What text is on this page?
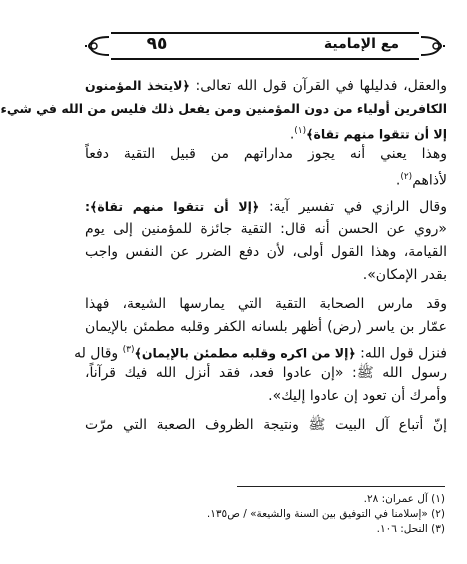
٩٥	مع الإمامية
والعقل، فدليلها في القرآن قول الله تعالى: ﴿لايتخذ المؤمنون
الكافرين أولياء من دون المؤمنين ومن يفعل ذلك فليس من الله في شيء
إلا أن تتقوا منهم تقاة﴾$^{(١)}$.
وهذا يعني أنه يجوز مداراتهم من قبيل التقية دفعاً
لأذاهم$^{(٢)}$.
وقال الرازي في تفسير آية: ﴿إلا أن تتقوا منهم تقاة﴾:
«روي عن الحسن أنه قال: التقية جائزة للمؤمنين إلى يوم
القيامة، وهذا القول أولى، لأن دفع الضرر عن النفس واجب
بقدر الإمكان».
وقد مارس الصحابة التقية التي يمارسها الشيعة، فهذا
عمّار بن ياسر (رض) أظهر بلسانه الكفر وقلبه مطمئن بالإيمان
فنزل قول الله: ﴿إلا من اكره وقلبه مطمئن بالإيمان﴾$^{(٣)}$ وقال له
رسول الله ﷺ: «إن عادوا فعد، فقد أنزل الله فيك قرآناً،
وأمرك أن تعود إن عادوا إليك».
إنّ أتباع آل البيت ﷺ ونتيجة الظروف الصعبة التي مرّت
(١) آل عمران: ٢٨.
(٢) «إسلامنا في التوفيق بين السنة والشيعة» / ص١٣٥.
(٣) النحل: ١٠٦.
